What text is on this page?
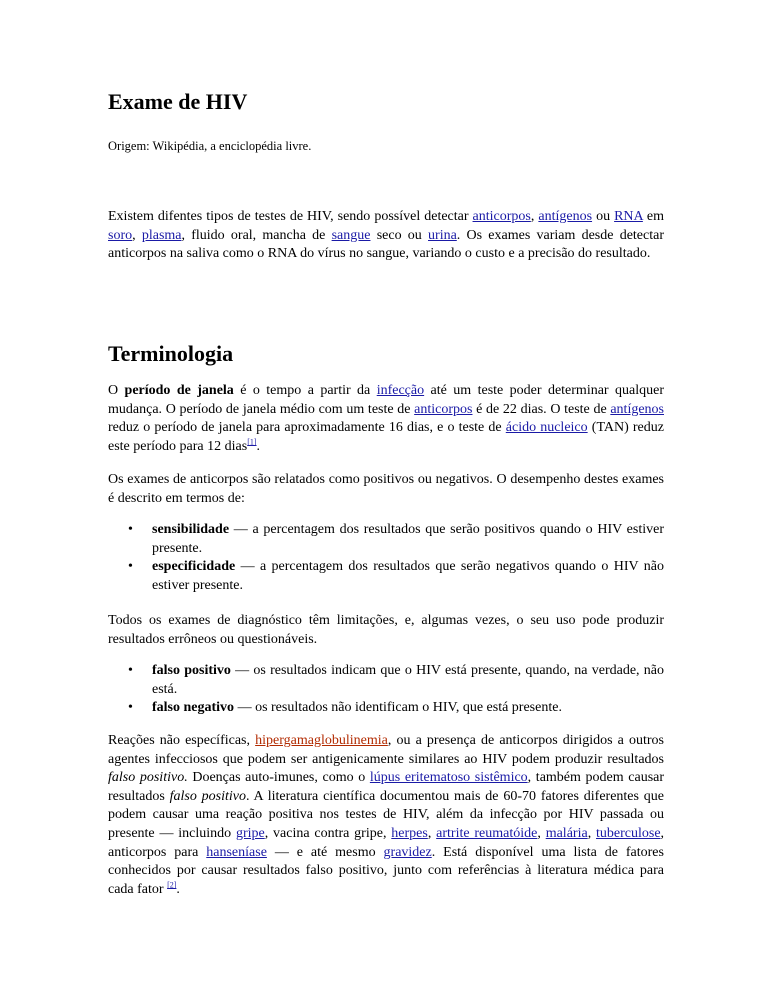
Exame de HIV

Origem: Wikipédia, a enciclopédia livre.

Existem difentes tipos de testes de HIV, sendo possível detectar anticorpos, antígenos ou RNA em soro, plasma, fluido oral, mancha de sangue seco ou urina. Os exames variam desde detectar anticorpos na saliva como o RNA do vírus no sangue, variando o custo e a precisão do resultado.

Terminologia

O período de janela é o tempo a partir da infecção até um teste poder determinar qualquer mudança. O período de janela médio com um teste de anticorpos é de 22 dias. O teste de antígenos reduz o período de janela para aproximadamente 16 dias, e o teste de ácido nucleico (TAN) reduz este período para 12 dias[1].

Os exames de anticorpos são relatados como positivos ou negativos. O desempenho destes exames é descrito em termos de:

• sensibilidade — a percentagem dos resultados que serão positivos quando o HIV estiver presente.
• especificidade — a percentagem dos resultados que serão negativos quando o HIV não estiver presente.

Todos os exames de diagnóstico têm limitações, e, algumas vezes, o seu uso pode produzir resultados errôneos ou questionáveis.

• falso positivo — os resultados indicam que o HIV está presente, quando, na verdade, não está.
• falso negativo — os resultados não identificam o HIV, que está presente.

Reações não específicas, hipergamaglobulinemia, ou a presença de anticorpos dirigidos a outros agentes infecciosos que podem ser antigenicamente similares ao HIV podem produzir resultados falso positivo. Doenças auto-imunes, como o lúpus eritematoso sistêmico, também podem causar resultados falso positivo. A literatura científica documentou mais de 60-70 fatores diferentes que podem causar uma reação positiva nos testes de HIV, além da infecção por HIV passada ou presente — incluindo gripe, vacina contra gripe, herpes, artrite reumatóide, malária, tuberculose, anticorpos para hanseníase — e até mesmo gravidez. Está disponível uma lista de fatores conhecidos por causar resultados falso positivo, junto com referências à literatura médica para cada fator [2].
